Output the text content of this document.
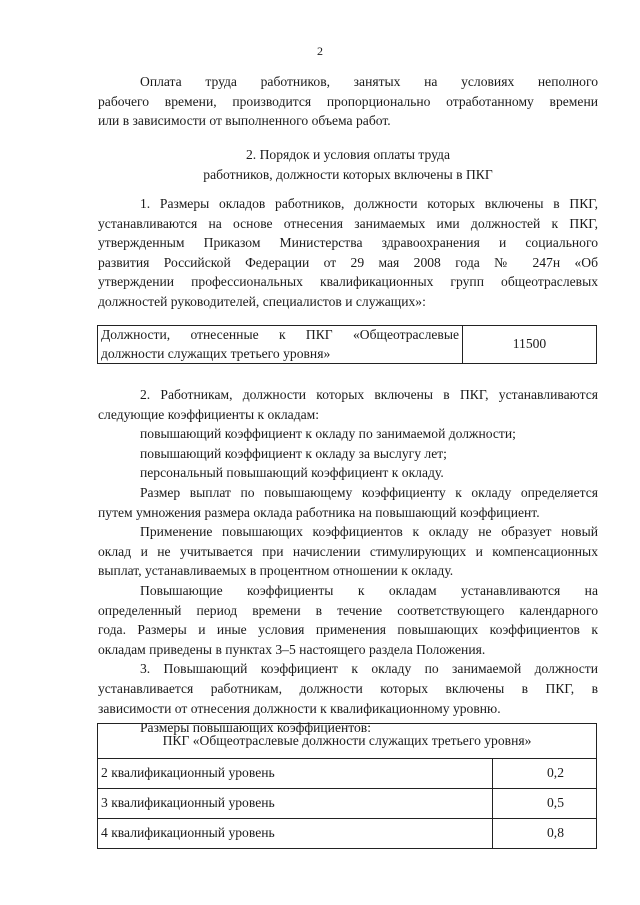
2
Оплата труда работников, занятых на условиях неполного
рабочего времени, производится пропорционально отработанному времени
или в зависимости от выполненного объема работ.
2. Порядок и условия оплаты труда
работников, должности которых включены в ПКГ
1. Размеры окладов работников, должности которых включены в ПКГ,
устанавливаются на основе отнесения занимаемых ими должностей к ПКГ,
утвержденным Приказом Министерства здравоохранения и социального
развития Российской Федерации от 29 мая 2008 года № 247н «Об
утверждении профессиональных квалификационных групп общеотраслевых
должностей руководителей, специалистов и служащих»:
Должности, отнесенные к ПКГ «Общеотраслевые
должности служащих третьего уровня»
	11500
2. Работникам, должности которых включены в ПКГ, устанавливаются
следующие коэффициенты к окладам:
повышающий коэффициент к окладу по занимаемой должности;
повышающий коэффициент к окладу за выслугу лет;
персональный повышающий коэффициент к окладу.
Размер выплат по повышающему коэффициенту к окладу определяется
путем умножения размера оклада работника на повышающий коэффициент.
Применение повышающих коэффициентов к окладу не образует новый
оклад и не учитывается при начислении стимулирующих и компенсационных
выплат, устанавливаемых в процентном отношении к окладу.
Повышающие коэффициенты к окладам устанавливаются на
определенный период времени в течение соответствующего календарного
года. Размеры и иные условия применения повышающих коэффициентов к
окладам приведены в пунктах 3–5 настоящего раздела Положения.
3. Повышающий коэффициент к окладу по занимаемой должности
устанавливается работникам, должности которых включены в ПКГ, в
зависимости от отнесения должности к квалификационному уровню.
Размеры повышающих коэффициентов:
ПКГ «Общеотраслевые должности служащих третьего уровня»	
2 квалификационный уровень	0,2
3 квалификационный уровень	0,5
4 квалификационный уровень	0,8
